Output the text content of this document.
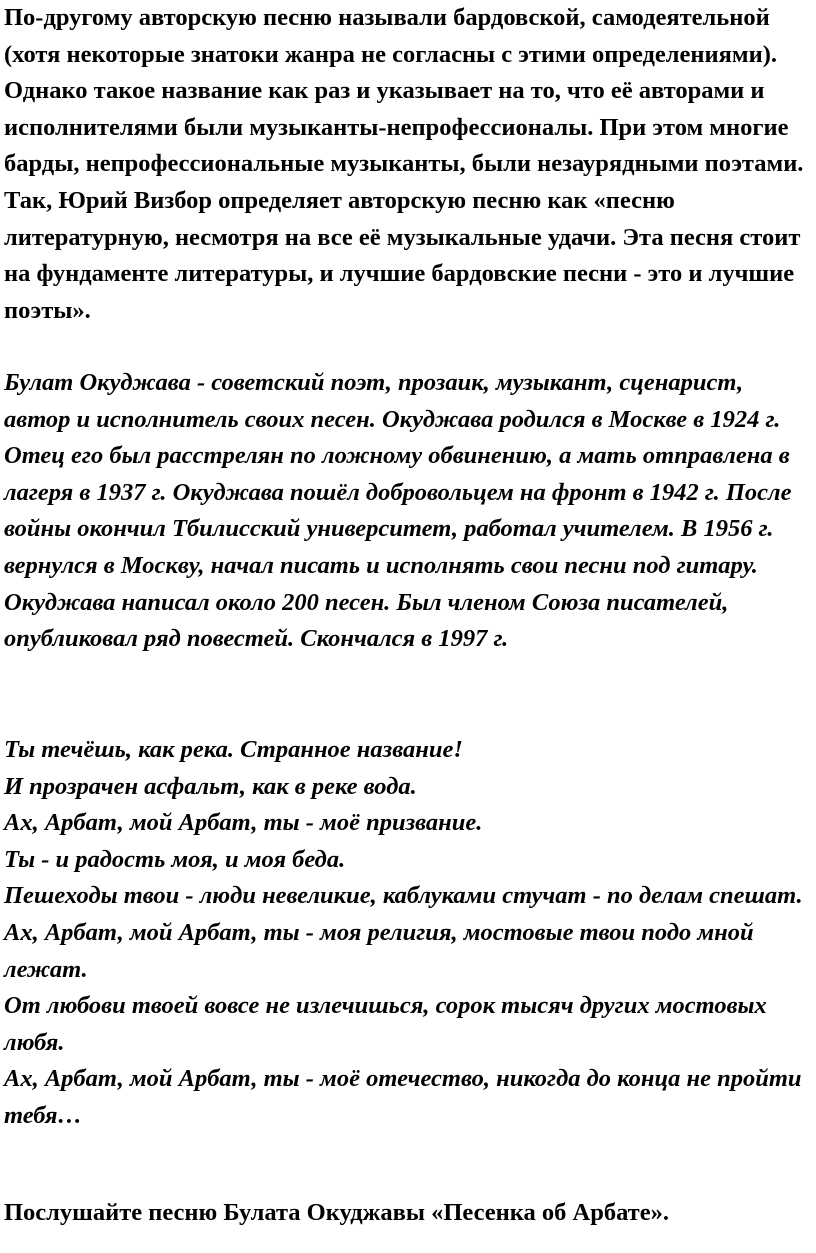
По-другому авторскую песню называли бардовской, самодеятельной (хотя некоторые знатоки жанра не согласны с этими определениями). Однако такое название как раз и указывает на то, что её авторами и исполнителями были музыканты-непрофессионалы. При этом многие барды, непрофессиональные музыканты, были незаурядными поэтами. Так, Юрий Визбор определяет авторскую песню как «песню литературную, несмотря на все её музыкальные удачи. Эта песня стоит на фундаменте литературы, и лучшие бардовские песни - это и лучшие поэты».

Булат Окуджава - советский поэт, прозаик, музыкант, сценарист, автор и исполнитель своих песен. Окуджава родился в Москве в 1924 г. Отец его был расстрелян по ложному обвинению, а мать отправлена в лагеря в 1937 г. Окуджава пошёл добровольцем на фронт в 1942 г. После войны окончил Тбилисский университет, работал учителем. В 1956 г. вернулся в Москву, начал писать и исполнять свои песни под гитару. Окуджава написал около 200 песен. Был членом Союза писателей, опубликовал ряд повестей. Скончался в 1997 г.

Ты течёшь, как река. Странное название!
И прозрачен асфальт, как в реке вода.
Ах, Арбат, мой Арбат, ты - моё призвание.
Ты - и радость моя, и моя беда.
Пешеходы твои - люди невеликие, каблуками стучат - по делам спешат.
Ах, Арбат, мой Арбат, ты - моя религия, мостовые твои подо мной лежат.
От любови твоей вовсе не излечишься, сорок тысяч других мостовых любя.
Ах, Арбат, мой Арбат, ты - моё отечество, никогда до конца не пройти тебя…

Послушайте песню Булата Окуджавы «Песенка об Арбате».
